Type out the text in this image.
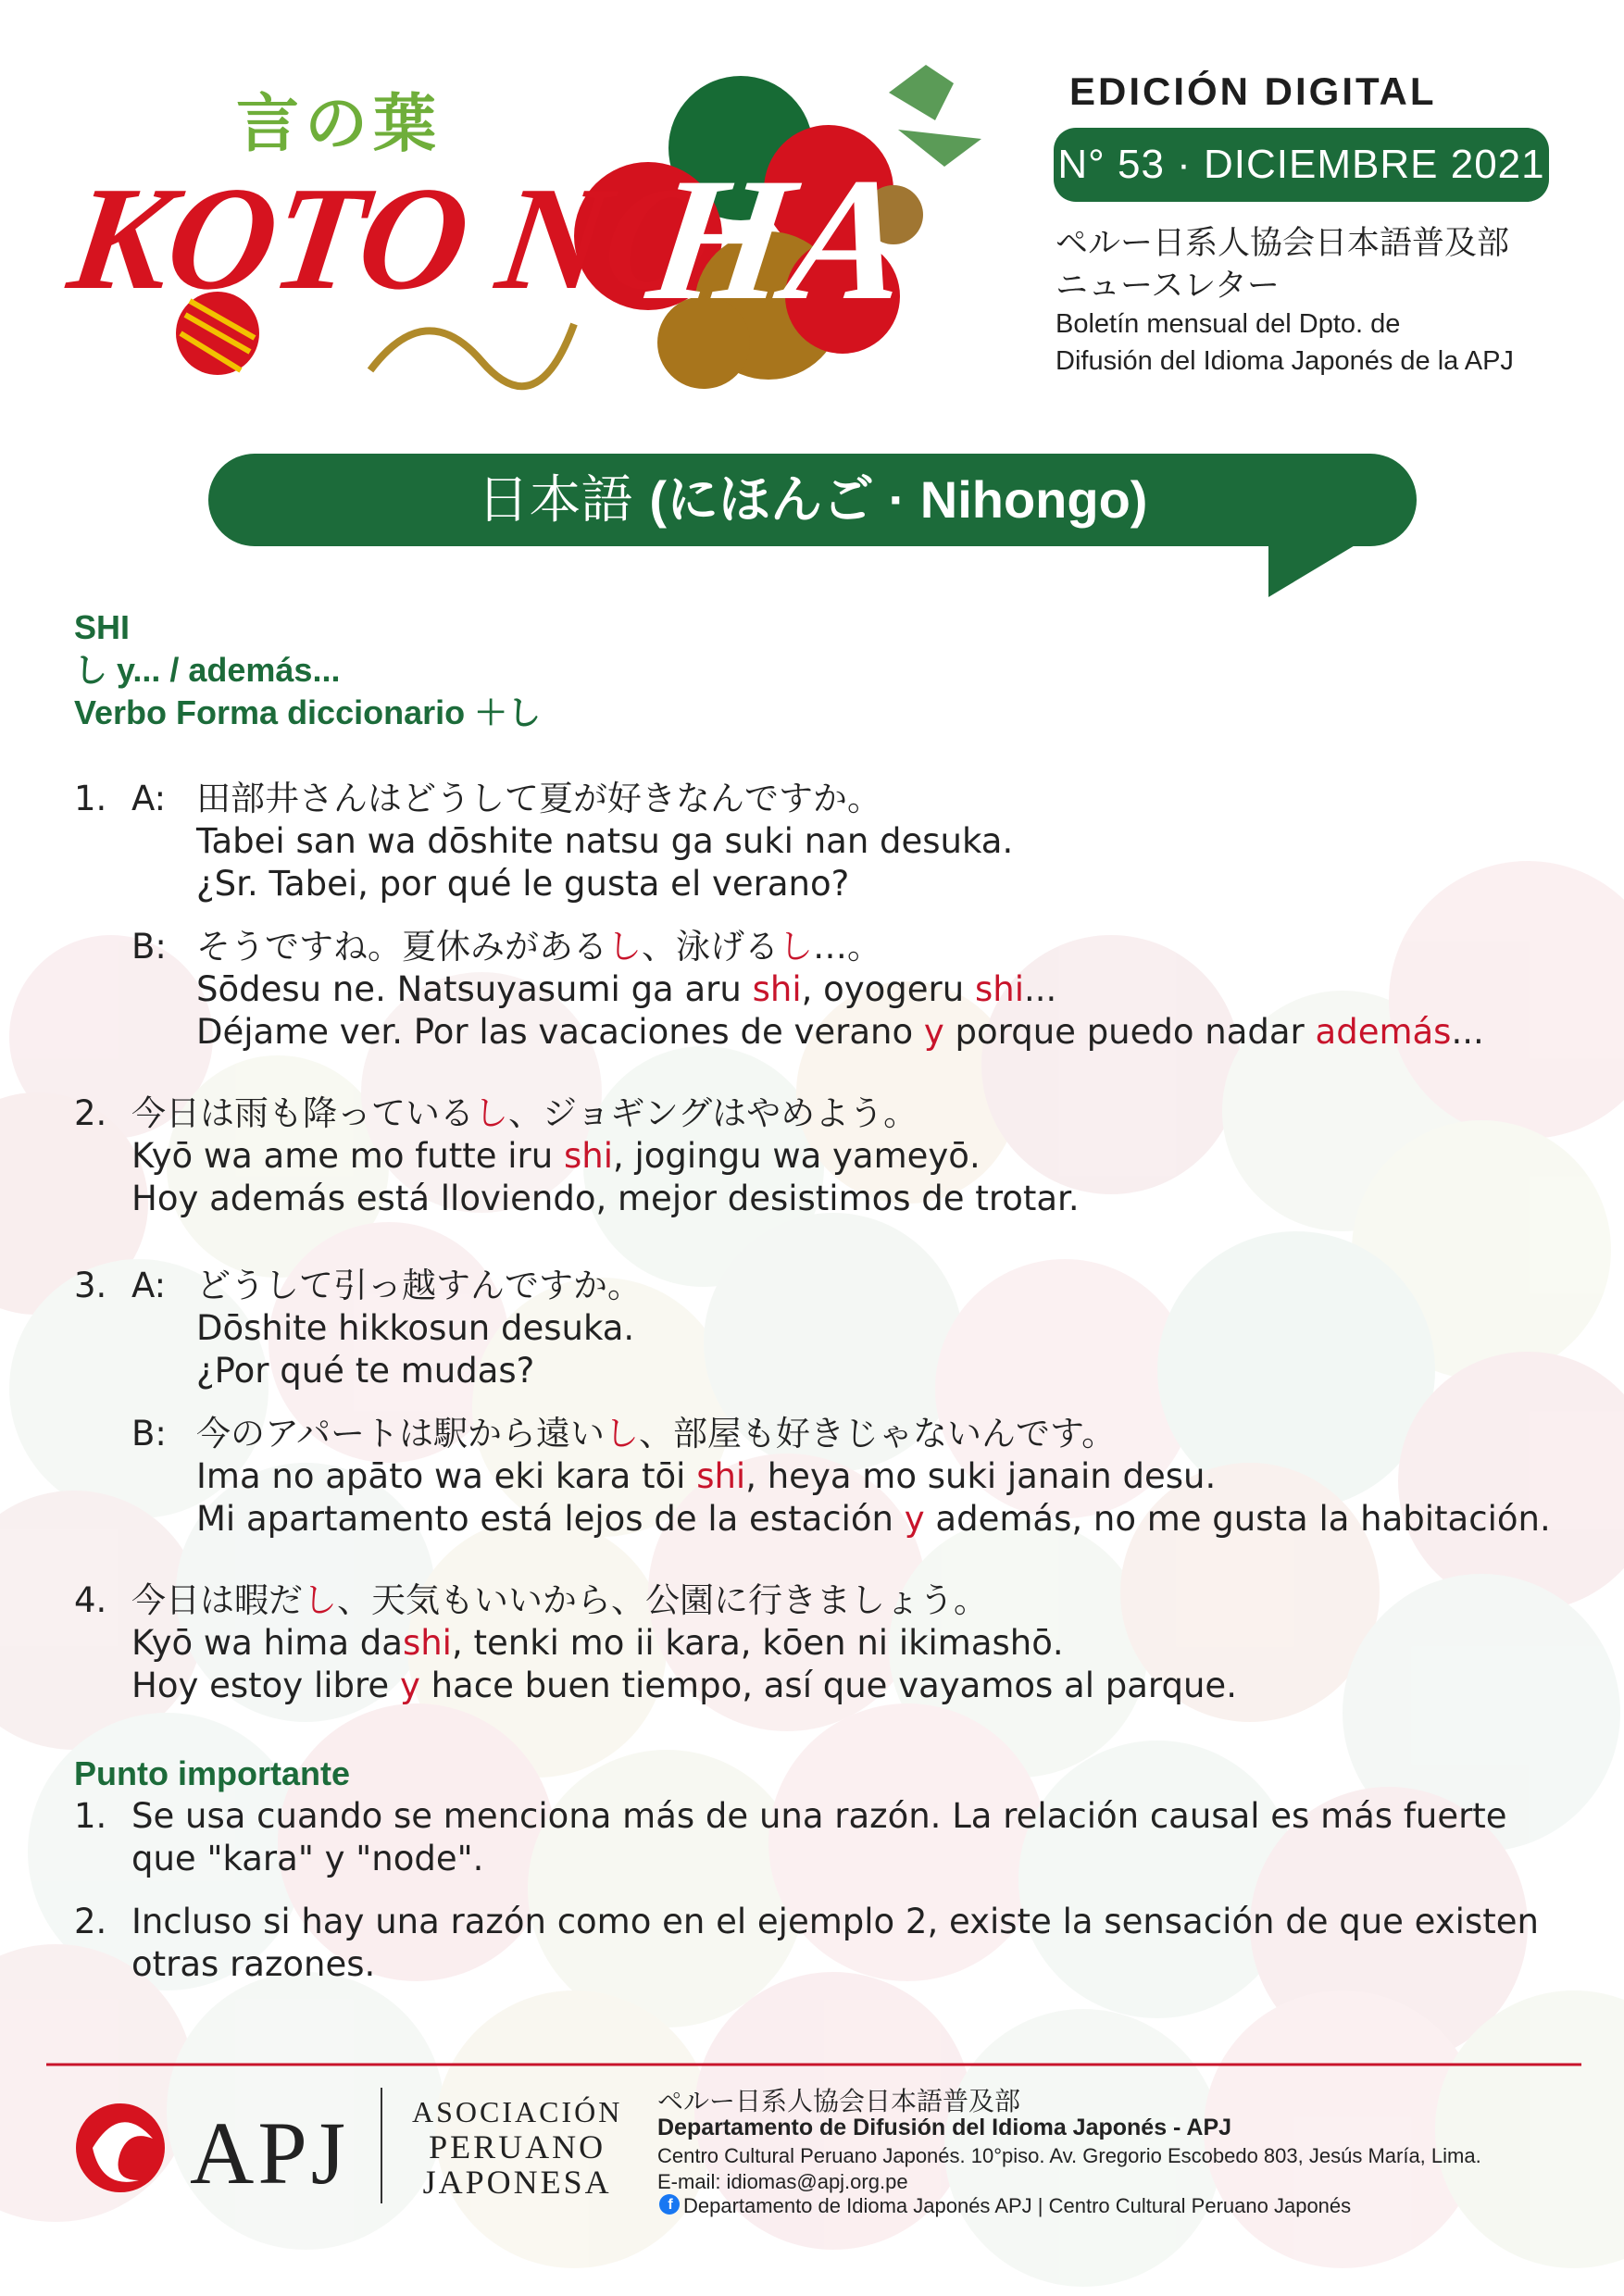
言の葉
KOTO NO
HA
EDICIÓN DIGITAL
N° 53 · DICIEMBRE 2021
ペルー日系人協会日本語普及部
ニュースレター
Boletín mensual del Dpto. de
Difusión del Idioma Japonés de la APJ
日本語 (にほんご · Nihongo)
SHI
し y... / además...
Verbo Forma diccionario ＋し
1. A: 田部井さんはどうして夏が好きなんですか。
Tabei san wa dōshite natsu ga suki nan desuka.
¿Sr. Tabei, por qué le gusta el verano?
B: そうですね。夏休みがあるし、泳げるし…。
Sōdesu ne. Natsuyasumi ga aru shi, oyogeru shi...
Déjame ver. Por las vacaciones de verano y porque puedo nadar además...
2. 今日は雨も降っているし、ジョギングはやめよう。
Kyō wa ame mo futte iru shi, jogingu wa yameyō.
Hoy además está lloviendo, mejor desistimos de trotar.
3. A: どうして引っ越すんですか。
Dōshite hikkosun desuka.
¿Por qué te mudas?
B: 今のアパートは駅から遠いし、部屋も好きじゃないんです。
Ima no apāto wa eki kara tōi shi, heya mo suki janain desu.
Mi apartamento está lejos de la estación y además, no me gusta la habitación.
4. 今日は暇だし、天気もいいから、公園に行きましょう。
Kyō wa hima dashi, tenki mo ii kara, kōen ni ikimashō.
Hoy estoy libre y hace buen tiempo, así que vayamos al parque.
Punto importante
1. Se usa cuando se menciona más de una razón. La relación causal es más fuerte
que "kara" y "node".
2. Incluso si hay una razón como en el ejemplo 2, existe la sensación de que existen
otras razones.
APJ ASOCIACIÓN
PERUANO
JAPONESA
ペルー日系人協会日本語普及部
Departamento de Difusión del Idioma Japonés - APJ
Centro Cultural Peruano Japonés. 10°piso. Av. Gregorio Escobedo 803, Jesús María, Lima.
E-mail: idiomas@apj.org.pe
Departamento de Idioma Japonés APJ | Centro Cultural Peruano Japonés
f
